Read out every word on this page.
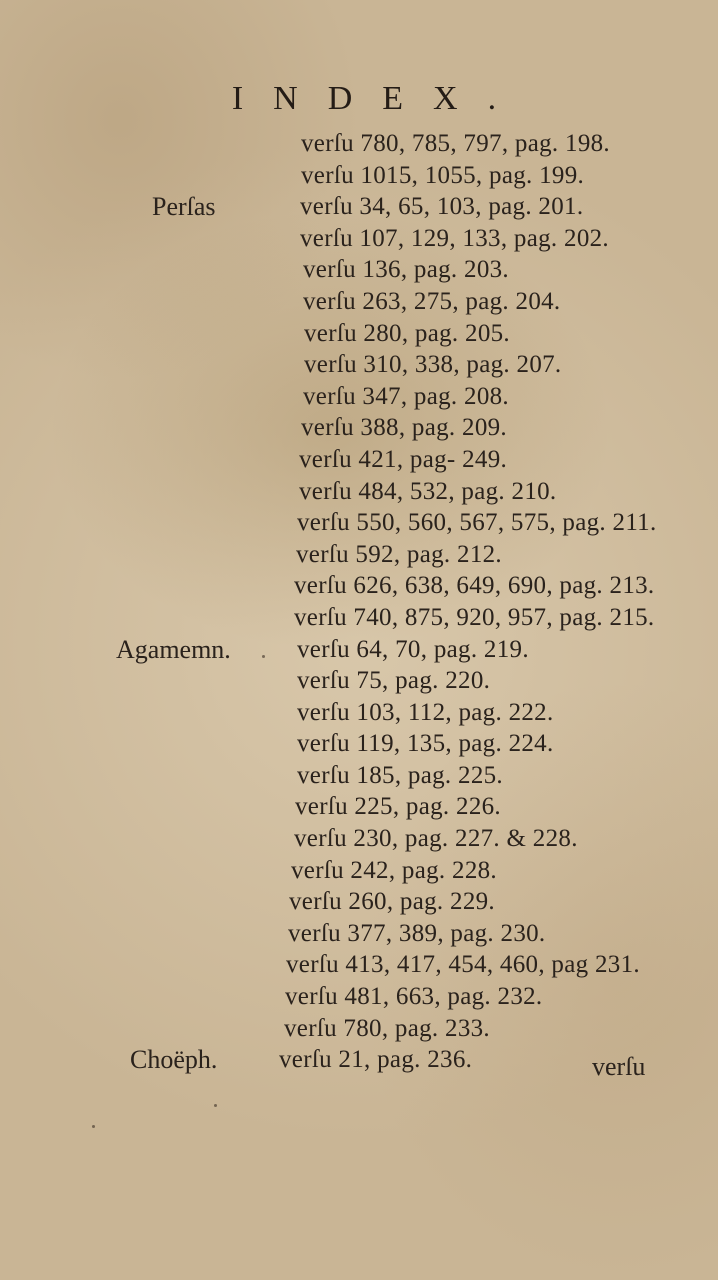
INDEX.
verſu 780, 785, 797, pag. 198.
verſu 1015, 1055, pag. 199.
Perſas	verſu 34, 65, 103, pag. 201.
verſu 107, 129, 133, pag. 202.
verſu 136, pag. 203.
verſu 263, 275, pag. 204.
verſu 280, pag. 205.
verſu 310, 338, pag. 207.
verſu 347, pag. 208.
verſu 388, pag. 209.
verſu 421, pag- 249.
verſu 484, 532, pag. 210.
verſu 550, 560, 567, 575, pag. 211.
verſu 592, pag. 212.
verſu 626, 638, 649, 690, pag. 213.
verſu 740, 875, 920, 957, pag. 215.
Agamemn.	verſu 64, 70, pag. 219.
verſu 75, pag. 220.
verſu 103, 112, pag. 222.
verſu 119, 135, pag. 224.
verſu 185, pag. 225.
verſu 225, pag. 226.
verſu 230, pag. 227. & 228.
verſu 242, pag. 228.
verſu 260, pag. 229.
verſu 377, 389, pag. 230.
verſu 413, 417, 454, 460, pag 231.
verſu 481, 663, pag. 232.
verſu 780, pag. 233.
Choëph. verſu 21, pag. 236.	verſu
